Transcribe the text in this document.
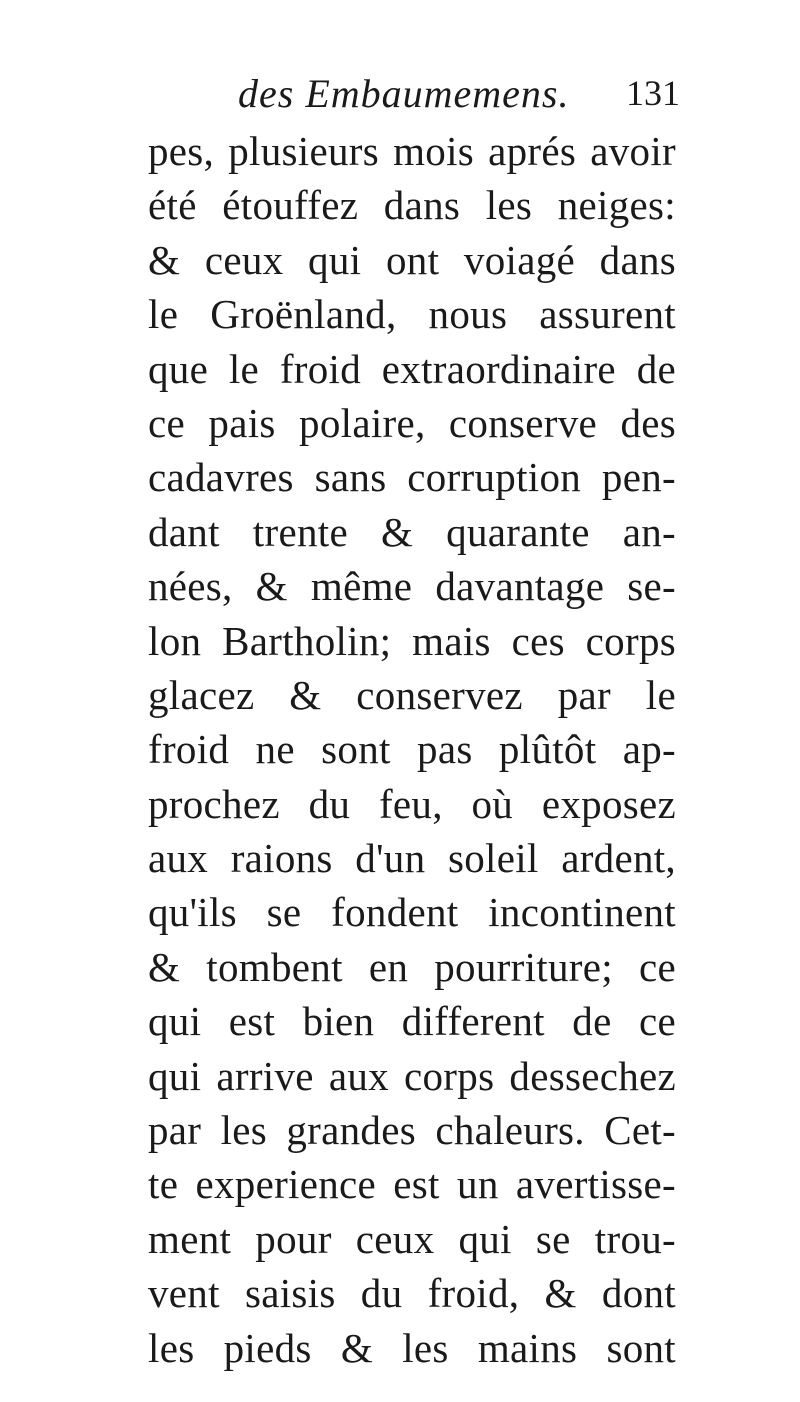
des Embaumemens. 131
pes, plusieurs mois aprés avoir
été étouffez dans les neiges:
& ceux qui ont voiagé dans
le Groënland, nous assurent
que le froid extraordinaire de
ce pais polaire, conserve des
cadavres sans corruption pen-
dant trente & quarante an-
nées, & même davantage se-
lon Bartholin; mais ces corps
glacez & conservez par le
froid ne sont pas plûtôt ap-
prochez du feu, où exposez
aux raions d'un soleil ardent,
qu'ils se fondent incontinent
& tombent en pourriture; ce
qui est bien different de ce
qui arrive aux corps dessechez
par les grandes chaleurs. Cet-
te experience est un avertisse-
ment pour ceux qui se trou-
vent saisis du froid, & dont
les pieds & les mains sont
